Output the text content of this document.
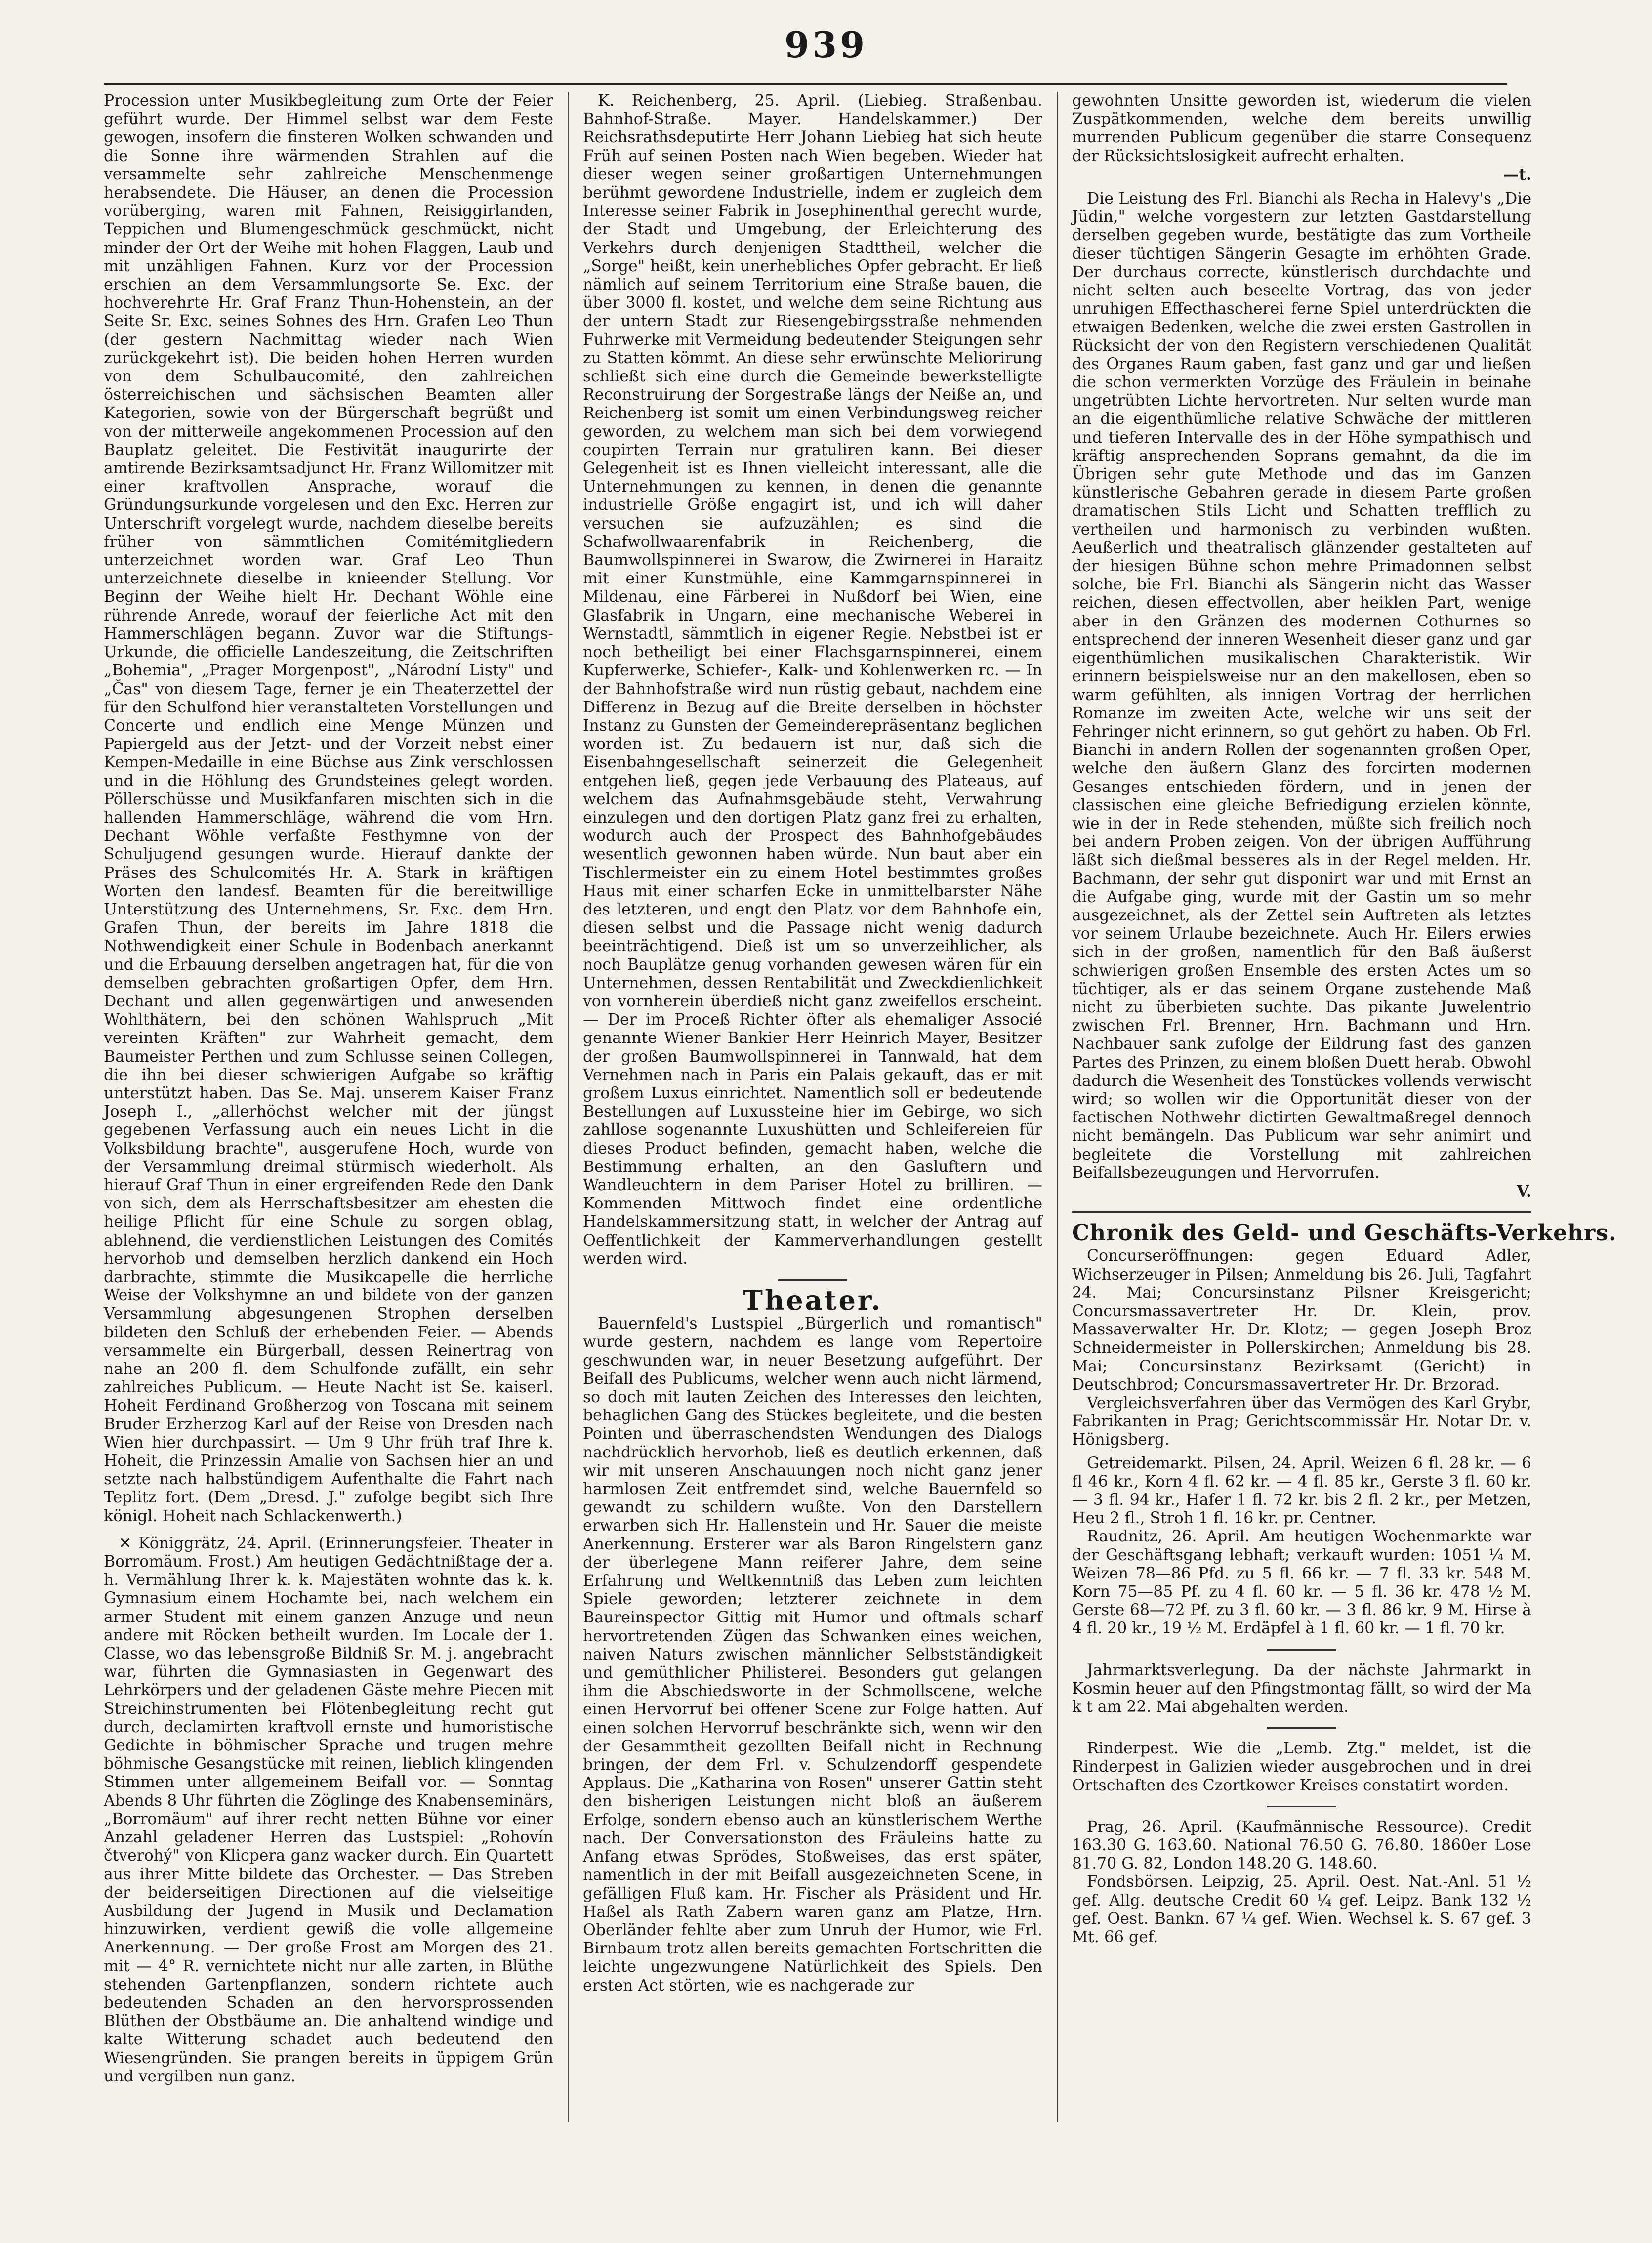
939

Procession unter Musikbegleitung zum Orte der Feier geführt wurde. Der Himmel selbst war dem Feste gewogen, insofern die finsteren Wolken schwanden und die Sonne ihre wärmenden Strahlen auf die versammelte sehr zahlreiche Menschenmenge herabsendete. Die Häuser, an denen die Procession vorüberging, waren mit Fahnen, Reisiggirlanden, Teppichen und Blumengeschmück geschmückt, nicht minder der Ort der Weihe mit hohen Flaggen, Laub und mit unzähligen Fahnen. Kurz vor der Procession erschien an dem Versammlungsorte Se. Exc. der hochverehrte Hr. Graf Franz Thun-Hohenstein, an der Seite Sr. Exc. seines Sohnes des Hrn. Grafen Leo Thun (der gestern Nachmittag wieder nach Wien zurückgekehrt ist). Die beiden hohen Herren wurden von dem Schulbaucomité, den zahlreichen österreichischen und sächsischen Beamten aller Kategorien, sowie von der Bürgerschaft begrüßt und von der mitterweile angekommenen Procession auf den Bauplatz geleitet. Die Festivität inaugurirte der amtirende Bezirksamtsadjunct Hr. Franz Willomitzer mit einer kraftvollen Ansprache, worauf die Gründungsurkunde vorgelesen und den Exc. Herren zur Unterschrift vorgelegt wurde, nachdem dieselbe bereits früher von sämmtlichen Comitémitgliedern unterzeichnet worden war. Graf Leo Thun unterzeichnete dieselbe in knieender Stellung. Vor Beginn der Weihe hielt Hr. Dechant Wöhle eine rührende Anrede, worauf der feierliche Act mit den Hammerschlägen begann. Zuvor war die Stiftungs-Urkunde, die officielle Landeszeitung, die Zeitschriften „Bohemia", „Prager Morgenpost", „Národní Listy" und „Čas" von diesem Tage, ferner je ein Theaterzettel der für den Schulfond hier veranstalteten Vorstellungen und Concerte und endlich eine Menge Münzen und Papiergeld aus der Jetzt- und der Vorzeit nebst einer Kempen-Medaille in eine Büchse aus Zink verschlossen und in die Höhlung des Grundsteines gelegt worden. Pöllerschüsse und Musikfanfaren mischten sich in die hallenden Hammerschläge, während die vom Hrn. Dechant Wöhle verfaßte Festhymne von der Schuljugend gesungen wurde. Hierauf dankte der Präses des Schulcomités Hr. A. Stark in kräftigen Worten den landesf. Beamten für die bereitwillige Unterstützung des Unternehmens, Sr. Exc. dem Hrn. Grafen Thun, der bereits im Jahre 1818 die Nothwendigkeit einer Schule in Bodenbach anerkannt und die Erbauung derselben angetragen hat, für die von demselben gebrachten großartigen Opfer, dem Hrn. Dechant und allen gegenwärtigen und anwesenden Wohlthätern, bei den schönen Wahlspruch „Mit vereinten Kräften" zur Wahrheit gemacht, dem Baumeister Perthen und zum Schlusse seinen Collegen, die ihn bei dieser schwierigen Aufgabe so kräftig unterstützt haben. Das Se. Maj. unserem Kaiser Franz Joseph I., „allerhöchst welcher mit der jüngst gegebenen Verfassung auch ein neues Licht in die Volksbildung brachte", ausgerufene Hoch, wurde von der Versammlung dreimal stürmisch wiederholt. Als hierauf Graf Thun in einer ergreifenden Rede den Dank von sich, dem als Herrschaftsbesitzer am ehesten die heilige Pflicht für eine Schule zu sorgen oblag, ablehnend, die verdienstlichen Leistungen des Comités hervorhob und demselben herzlich dankend ein Hoch darbrachte, stimmte die Musikcapelle die herrliche Weise der Volkshymne an und bildete von der ganzen Versammlung abgesungenen Strophen derselben bildeten den Schluß der erhebenden Feier. — Abends versammelte ein Bürgerball, dessen Reinertrag von nahe an 200 fl. dem Schulfonde zufällt, ein sehr zahlreiches Publicum. — Heute Nacht ist Se. kaiserl. Hoheit Ferdinand Großherzog von Toscana mit seinem Bruder Erzherzog Karl auf der Reise von Dresden nach Wien hier durchpassirt. — Um 9 Uhr früh traf Ihre k. Hoheit, die Prinzessin Amalie von Sachsen hier an und setzte nach halbstündigem Aufenthalte die Fahrt nach Teplitz fort. (Dem „Dresd. J." zufolge begibt sich Ihre königl. Hoheit nach Schlackenwerth.)

✕ Königgrätz, 24. April. (Erinnerungsfeier. Theater in Borromäum. Frost.) Am heutigen Gedächtnißtage der a. h. Vermählung Ihrer k. k. Majestäten wohnte das k. k. Gymnasium einem Hochamte bei, nach welchem ein armer Student mit einem ganzen Anzuge und neun andere mit Röcken betheilt wurden. Im Locale der 1. Classe, wo das lebensgroße Bildniß Sr. M. j. angebracht war, führten die Gymnasiasten in Gegenwart des Lehrkörpers und der geladenen Gäste mehre Piecen mit Streichinstrumenten bei Flötenbegleitung recht gut durch, declamirten kraftvoll ernste und humoristische Gedichte in böhmischer Sprache und trugen mehre böhmische Gesangstücke mit reinen, lieblich klingenden Stimmen unter allgemeinem Beifall vor. — Sonntag Abends 8 Uhr führten die Zöglinge des Knabenseminärs, „Borromäum" auf ihrer recht netten Bühne vor einer Anzahl geladener Herren das Lustspiel: „Rohovín čtverohý" von Klicpera ganz wacker durch. Ein Quartett aus ihrer Mitte bildete das Orchester. — Das Streben der beiderseitigen Directionen auf die vielseitige Ausbildung der Jugend in Musik und Declamation hinzuwirken, verdient gewiß die volle allgemeine Anerkennung. — Der große Frost am Morgen des 21. mit — 4° R. vernichtete nicht nur alle zarten, in Blüthe stehenden Gartenpflanzen, sondern richtete auch bedeutenden Schaden an den hervorsprossenden Blüthen der Obstbäume an. Die anhaltend windige und kalte Witterung schadet auch bedeutend den Wiesengründen. Sie prangen bereits in üppigem Grün und vergilben nun ganz.

K. Reichenberg, 25. April. (Liebieg. Straßenbau. Bahnhof-Straße. Mayer. Handelskammer.) Der Reichsrathsdeputirte Herr Johann Liebieg hat sich heute Früh auf seinen Posten nach Wien begeben. Wieder hat dieser wegen seiner großartigen Unternehmungen berühmt gewordene Industrielle, indem er zugleich dem Interesse seiner Fabrik in Josephinenthal gerecht wurde, der Stadt und Umgebung, der Erleichterung des Verkehrs durch denjenigen Stadttheil, welcher die „Sorge" heißt, kein unerhebliches Opfer gebracht. Er ließ nämlich auf seinem Territorium eine Straße bauen, die über 3000 fl. kostet, und welche dem seine Richtung aus der untern Stadt zur Riesengebirgsstraße nehmenden Fuhrwerke mit Vermeidung bedeutender Steigungen sehr zu Statten kömmt. An diese sehr erwünschte Meliorirung schließt sich eine durch die Gemeinde bewerkstelligte Reconstruirung der Sorgestraße längs der Neiße an, und Reichenberg ist somit um einen Verbindungsweg reicher geworden, zu welchem man sich bei dem vorwiegend coupirten Terrain nur gratuliren kann. Bei dieser Gelegenheit ist es Ihnen vielleicht interessant, alle die Unternehmungen zu kennen, in denen die genannte industrielle Größe engagirt ist, und ich will daher versuchen sie aufzuzählen; es sind die Schafwollwaarenfabrik in Reichenberg, die Baumwollspinnerei in Swarow, die Zwirnerei in Haraitz mit einer Kunstmühle, eine Kammgarnspinnerei in Mildenau, eine Färberei in Nußdorf bei Wien, eine Glasfabrik in Ungarn, eine mechanische Weberei in Wernstadtl, sämmtlich in eigener Regie. Nebstbei ist er noch betheiligt bei einer Flachsgarnspinnerei, einem Kupferwerke, Schiefer-, Kalk- und Kohlenwerken rc. — In der Bahnhofstraße wird nun rüstig gebaut, nachdem eine Differenz in Bezug auf die Breite derselben in höchster Instanz zu Gunsten der Gemeinderepräsentanz beglichen worden ist. Zu bedauern ist nur, daß sich die Eisenbahngesellschaft seinerzeit die Gelegenheit entgehen ließ, gegen jede Verbauung des Plateaus, auf welchem das Aufnahmsgebäude steht, Verwahrung einzulegen und den dortigen Platz ganz frei zu erhalten, wodurch auch der Prospect des Bahnhofgebäudes wesentlich gewonnen haben würde. Nun baut aber ein Tischlermeister ein zu einem Hotel bestimmtes großes Haus mit einer scharfen Ecke in unmittelbarster Nähe des letzteren, und engt den Platz vor dem Bahnhofe ein, diesen selbst und die Passage nicht wenig dadurch beeinträchtigend. Dieß ist um so unverzeihlicher, als noch Bauplätze genug vorhanden gewesen wären für ein Unternehmen, dessen Rentabilität und Zweckdienlichkeit von vornherein überdieß nicht ganz zweifellos erscheint. — Der im Proceß Richter öfter als ehemaliger Associé genannte Wiener Bankier Herr Heinrich Mayer, Besitzer der großen Baumwollspinnerei in Tannwald, hat dem Vernehmen nach in Paris ein Palais gekauft, das er mit großem Luxus einrichtet. Namentlich soll er bedeutende Bestellungen auf Luxussteine hier im Gebirge, wo sich zahllose sogenannte Luxushütten und Schleifereien für dieses Product befinden, gemacht haben, welche die Bestimmung erhalten, an den Gasluftern und Wandleuchtern in dem Pariser Hotel zu brilliren. — Kommenden Mittwoch findet eine ordentliche Handelskammersitzung statt, in welcher der Antrag auf Oeffentlichkeit der Kammerverhandlungen gestellt werden wird.

Theater.

Bauernfeld's Lustspiel „Bürgerlich und romantisch" wurde gestern, nachdem es lange vom Repertoire geschwunden war, in neuer Besetzung aufgeführt. Der Beifall des Publicums, welcher wenn auch nicht lärmend, so doch mit lauten Zeichen des Interesses den leichten, behaglichen Gang des Stückes begleitete, und die besten Pointen und überraschendsten Wendungen des Dialogs nachdrücklich hervorhob, ließ es deutlich erkennen, daß wir mit unseren Anschauungen noch nicht ganz jener harmlosen Zeit entfremdet sind, welche Bauernfeld so gewandt zu schildern wußte. Von den Darstellern erwarben sich Hr. Hallenstein und Hr. Sauer die meiste Anerkennung. Ersterer war als Baron Ringelstern ganz der überlegene Mann reiferer Jahre, dem seine Erfahrung und Weltkenntniß das Leben zum leichten Spiele geworden; letzterer zeichnete in dem Baureinspector Gittig mit Humor und oftmals scharf hervortretenden Zügen das Schwanken eines weichen, naiven Naturs zwischen männlicher Selbstständigkeit und gemüthlicher Philisterei. Besonders gut gelangen ihm die Abschiedsworte in der Schmollscene, welche einen Hervorruf bei offener Scene zur Folge hatten. Auf einen solchen Hervorruf beschränkte sich, wenn wir den der Gesammtheit gezollten Beifall nicht in Rechnung bringen, der dem Frl. v. Schulzendorff gespendete Applaus. Die „Katharina von Rosen" unserer Gattin steht den bisherigen Leistungen nicht bloß an äußerem Erfolge, sondern ebenso auch an künstlerischem Werthe nach. Der Conversationston des Fräuleins hatte zu Anfang etwas Sprödes, Stoßweises, das erst später, namentlich in der mit Beifall ausgezeichneten Scene, in gefälligen Fluß kam. Hr. Fischer als Präsident und Hr. Haßel als Rath Zabern waren ganz am Platze, Hrn. Oberländer fehlte aber zum Unruh der Humor, wie Frl. Birnbaum trotz allen bereits gemachten Fortschritten die leichte ungezwungene Natürlichkeit des Spiels. Den ersten Act störten, wie es nachgerade zur

gewohnten Unsitte geworden ist, wiederum die vielen Zuspätkommenden, welche dem bereits unwillig murrenden Publicum gegenüber die starre Consequenz der Rücksichtslosigkeit aufrecht erhalten.

—t.

Die Leistung des Frl. Bianchi als Recha in Halevy's „Die Jüdin," welche vorgestern zur letzten Gastdarstellung derselben gegeben wurde, bestätigte das zum Vortheile dieser tüchtigen Sängerin Gesagte im erhöhten Grade. Der durchaus correcte, künstlerisch durchdachte und nicht selten auch beseelte Vortrag, das von jeder unruhigen Effecthascherei ferne Spiel unterdrückten die etwaigen Bedenken, welche die zwei ersten Gastrollen in Rücksicht der von den Registern verschiedenen Qualität des Organes Raum gaben, fast ganz und gar und ließen die schon vermerkten Vorzüge des Fräulein in beinahe ungetrübten Lichte hervortreten. Nur selten wurde man an die eigenthümliche relative Schwäche der mittleren und tieferen Intervalle des in der Höhe sympathisch und kräftig ansprechenden Soprans gemahnt, da die im Übrigen sehr gute Methode und das im Ganzen künstlerische Gebahren gerade in diesem Parte großen dramatischen Stils Licht und Schatten trefflich zu vertheilen und harmonisch zu verbinden wußten. Aeußerlich und theatralisch glänzender gestalteten auf der hiesigen Bühne schon mehre Primadonnen selbst solche, bie Frl. Bianchi als Sängerin nicht das Wasser reichen, diesen effectvollen, aber heiklen Part, wenige aber in den Gränzen des modernen Cothurnes so entsprechend der inneren Wesenheit dieser ganz und gar eigenthümlichen musikalischen Charakteristik. Wir erinnern beispielsweise nur an den makellosen, eben so warm gefühlten, als innigen Vortrag der herrlichen Romanze im zweiten Acte, welche wir uns seit der Fehringer nicht erinnern, so gut gehört zu haben. Ob Frl. Bianchi in andern Rollen der sogenannten großen Oper, welche den äußern Glanz des forcirten modernen Gesanges entschieden fördern, und in jenen der classischen eine gleiche Befriedigung erzielen könnte, wie in der in Rede stehenden, müßte sich freilich noch bei andern Proben zeigen. Von der übrigen Aufführung läßt sich dießmal besseres als in der Regel melden. Hr. Bachmann, der sehr gut disponirt war und mit Ernst an die Aufgabe ging, wurde mit der Gastin um so mehr ausgezeichnet, als der Zettel sein Auftreten als letztes vor seinem Urlaube bezeichnete. Auch Hr. Eilers erwies sich in der großen, namentlich für den Baß äußerst schwierigen großen Ensemble des ersten Actes um so tüchtiger, als er das seinem Organe zustehende Maß nicht zu überbieten suchte. Das pikante Juwelentrio zwischen Frl. Brenner, Hrn. Bachmann und Hrn. Nachbauer sank zufolge der Eildrung fast des ganzen Partes des Prinzen, zu einem bloßen Duett herab. Obwohl dadurch die Wesenheit des Tonstückes vollends verwischt wird; so wollen wir die Opportunität dieser von der factischen Nothwehr dictirten Gewaltmaßregel dennoch nicht bemängeln. Das Publicum war sehr animirt und begleitete die Vorstellung mit zahlreichen Beifallsbezeugungen und Hervorrufen.

V.
Chronik des Geld- und Geschäfts-Verkehrs.

Concurseröffnungen: gegen Eduard Adler, Wichserzeuger in Pilsen; Anmeldung bis 26. Juli, Tagfahrt 24. Mai; Concursinstanz Pilsner Kreisgericht; Concursmassavertreter Hr. Dr. Klein, prov. Massaverwalter Hr. Dr. Klotz; — gegen Joseph Broz Schneidermeister in Pollerskirchen; Anmeldung bis 28. Mai; Concursinstanz Bezirksamt (Gericht) in Deutschbrod; Concursmassavertreter Hr. Dr. Brzorad.

Vergleichsverfahren über das Vermögen des Karl Grybr, Fabrikanten in Prag; Gerichtscommissär Hr. Notar Dr. v. Hönigsberg.

Getreidemarkt. Pilsen, 24. April. Weizen 6 fl. 28 kr. — 6 fl 46 kr., Korn 4 fl. 62 kr. — 4 fl. 85 kr., Gerste 3 fl. 60 kr. — 3 fl. 94 kr., Hafer 1 fl. 72 kr. bis 2 fl. 2 kr., per Metzen, Heu 2 fl., Stroh 1 fl. 16 kr. pr. Centner.

Raudnitz, 26. April. Am heutigen Wochenmarkte war der Geschäftsgang lebhaft; verkauft wurden: 1051 ¼ M. Weizen 78—86 Pfd. zu 5 fl. 66 kr. — 7 fl. 33 kr. 548 M. Korn 75—85 Pf. zu 4 fl. 60 kr. — 5 fl. 36 kr. 478 ½ M. Gerste 68—72 Pf. zu 3 fl. 60 kr. — 3 fl. 86 kr. 9 M. Hirse à 4 fl. 20 kr., 19 ½ M. Erdäpfel à 1 fl. 60 kr. — 1 fl. 70 kr.

Jahrmarktsverlegung. Da der nächste Jahrmarkt in Kosmin heuer auf den Pfingstmontag fällt, so wird der Ma k t am 22. Mai abgehalten werden.

Rinderpest. Wie die „Lemb. Ztg." meldet, ist die Rinderpest in Galizien wieder ausgebrochen und in drei Ortschaften des Czortkower Kreises constatirt worden.

Prag, 26. April. (Kaufmännische Ressource). Credit 163.30 G. 163.60. National 76.50 G. 76.80. 1860er Lose 81.70 G. 82, London 148.20 G. 148.60.

Fondsbörsen. Leipzig, 25. April. Oest. Nat.-Anl. 51 ½ gef. Allg. deutsche Credit 60 ¼ gef. Leipz. Bank 132 ½ gef. Oest. Bankn. 67 ¼ gef. Wien. Wechsel k. S. 67 gef. 3 Mt. 66 gef.
